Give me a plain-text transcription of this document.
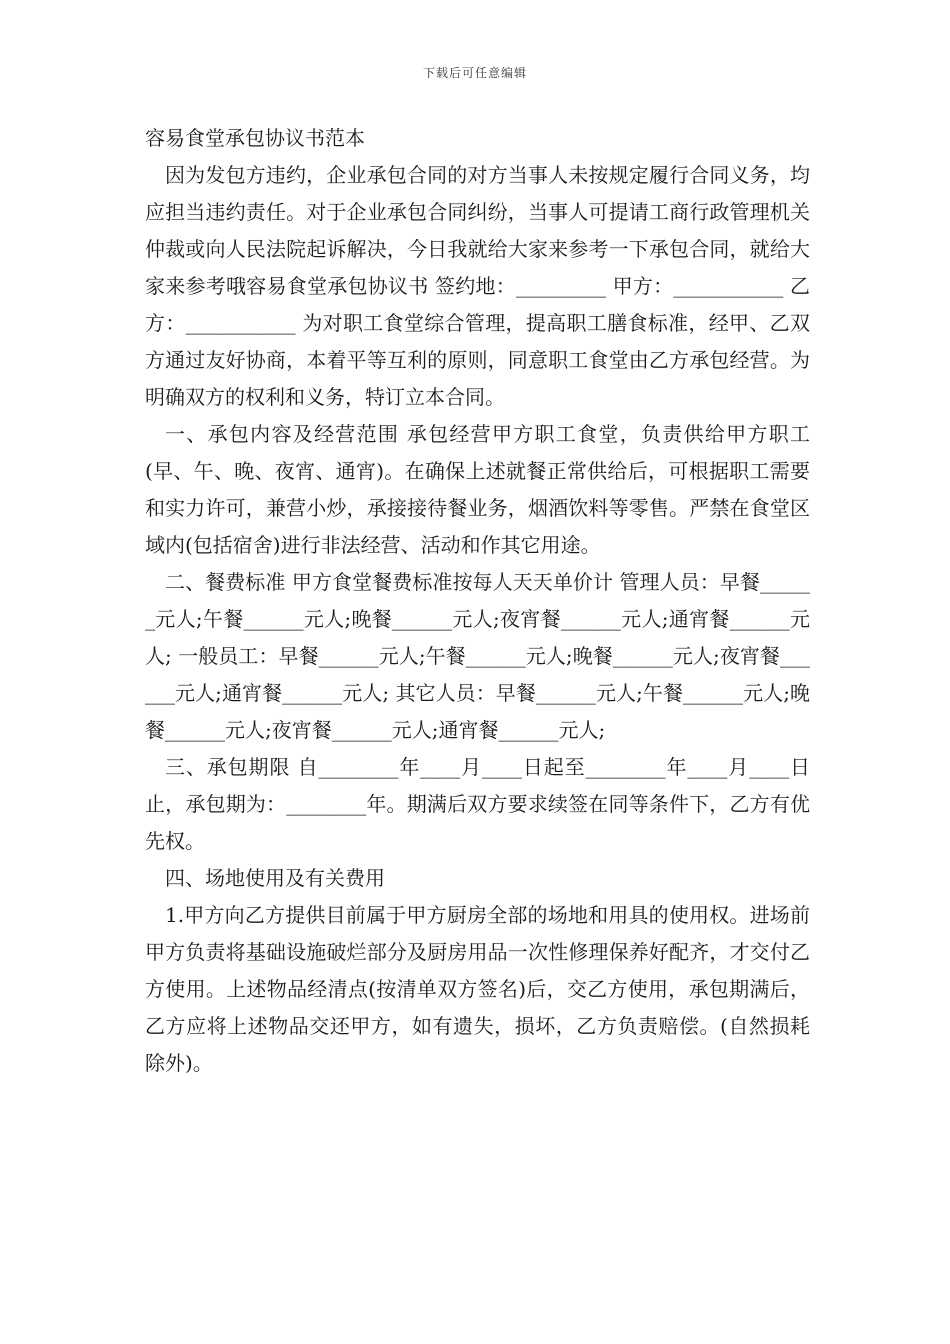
下载后可任意编辑
容易食堂承包协议书范本

因为发包方违约，企业承包合同的对方当事人未按规定履行合同义务，均应担当违约责任。对于企业承包合同纠纷，当事人可提请工商行政管理机关仲裁或向人民法院起诉解决，今日我就给大家来参考一下承包合同，就给大家来参考哦容易食堂承包协议书 签约地：_________ 甲方：___________ 乙方：___________ 为对职工食堂综合管理，提高职工膳食标准，经甲、乙双方通过友好协商，本着平等互利的原则，同意职工食堂由乙方承包经营。为明确双方的权利和义务，特订立本合同。

一、承包内容及经营范围 承包经营甲方职工食堂，负责供给甲方职工(早、午、晚、夜宵、通宵)。在确保上述就餐正常供给后，可根据职工需要和实力许可，兼营小炒，承接接待餐业务，烟酒饮料等零售。严禁在食堂区域内(包括宿舍)进行非法经营、活动和作其它用途。

二、餐费标准 甲方食堂餐费标准按每人天天单价计 管理人员：早餐______元人;午餐______元人;晚餐______元人;夜宵餐______元人;通宵餐______元人; 一般员工：早餐______元人;午餐______元人;晚餐______元人;夜宵餐______元人;通宵餐______元人; 其它人员：早餐______元人;午餐______元人;晚餐______元人;夜宵餐______元人;通宵餐______元人;

三、承包期限 自________年____月____日起至________年____月____日止，承包期为：________年。期满后双方要求续签在同等条件下，乙方有优先权。

四、场地使用及有关费用

1.甲方向乙方提供目前属于甲方厨房全部的场地和用具的使用权。进场前甲方负责将基础设施破烂部分及厨房用品一次性修理保养好配齐，才交付乙方使用。上述物品经清点(按清单双方签名)后，交乙方使用，承包期满后，乙方应将上述物品交还甲方，如有遗失，损坏，乙方负责赔偿。(自然损耗除外)。
